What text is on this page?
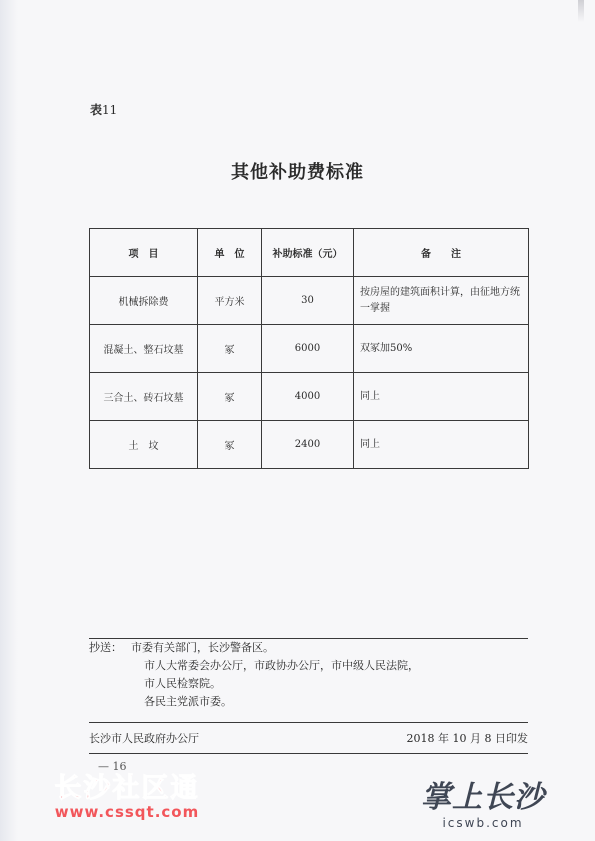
表11
其他补助费标准
项　目	单　位	补助标准（元）	备　　注
机械拆除费	平方米	30	按房屋的建筑面积计算，由征地方统一掌握
混凝土、整石坟墓	冢	6000	双冢加50%
三合土、砖石坟墓	冢	4000	同上
土　坟	冢	2400	同上
抄送： 市委有关部门，长沙警备区。
市人大常委会办公厅，市政协办公厅，市中级人民法院，
市人民检察院。
各民主党派市委。
长沙市人民政府办公厅	2018 年 10 月 8 日印发
— 16
长沙社区通
www.cssqt.com	掌上长沙
icswb.com
